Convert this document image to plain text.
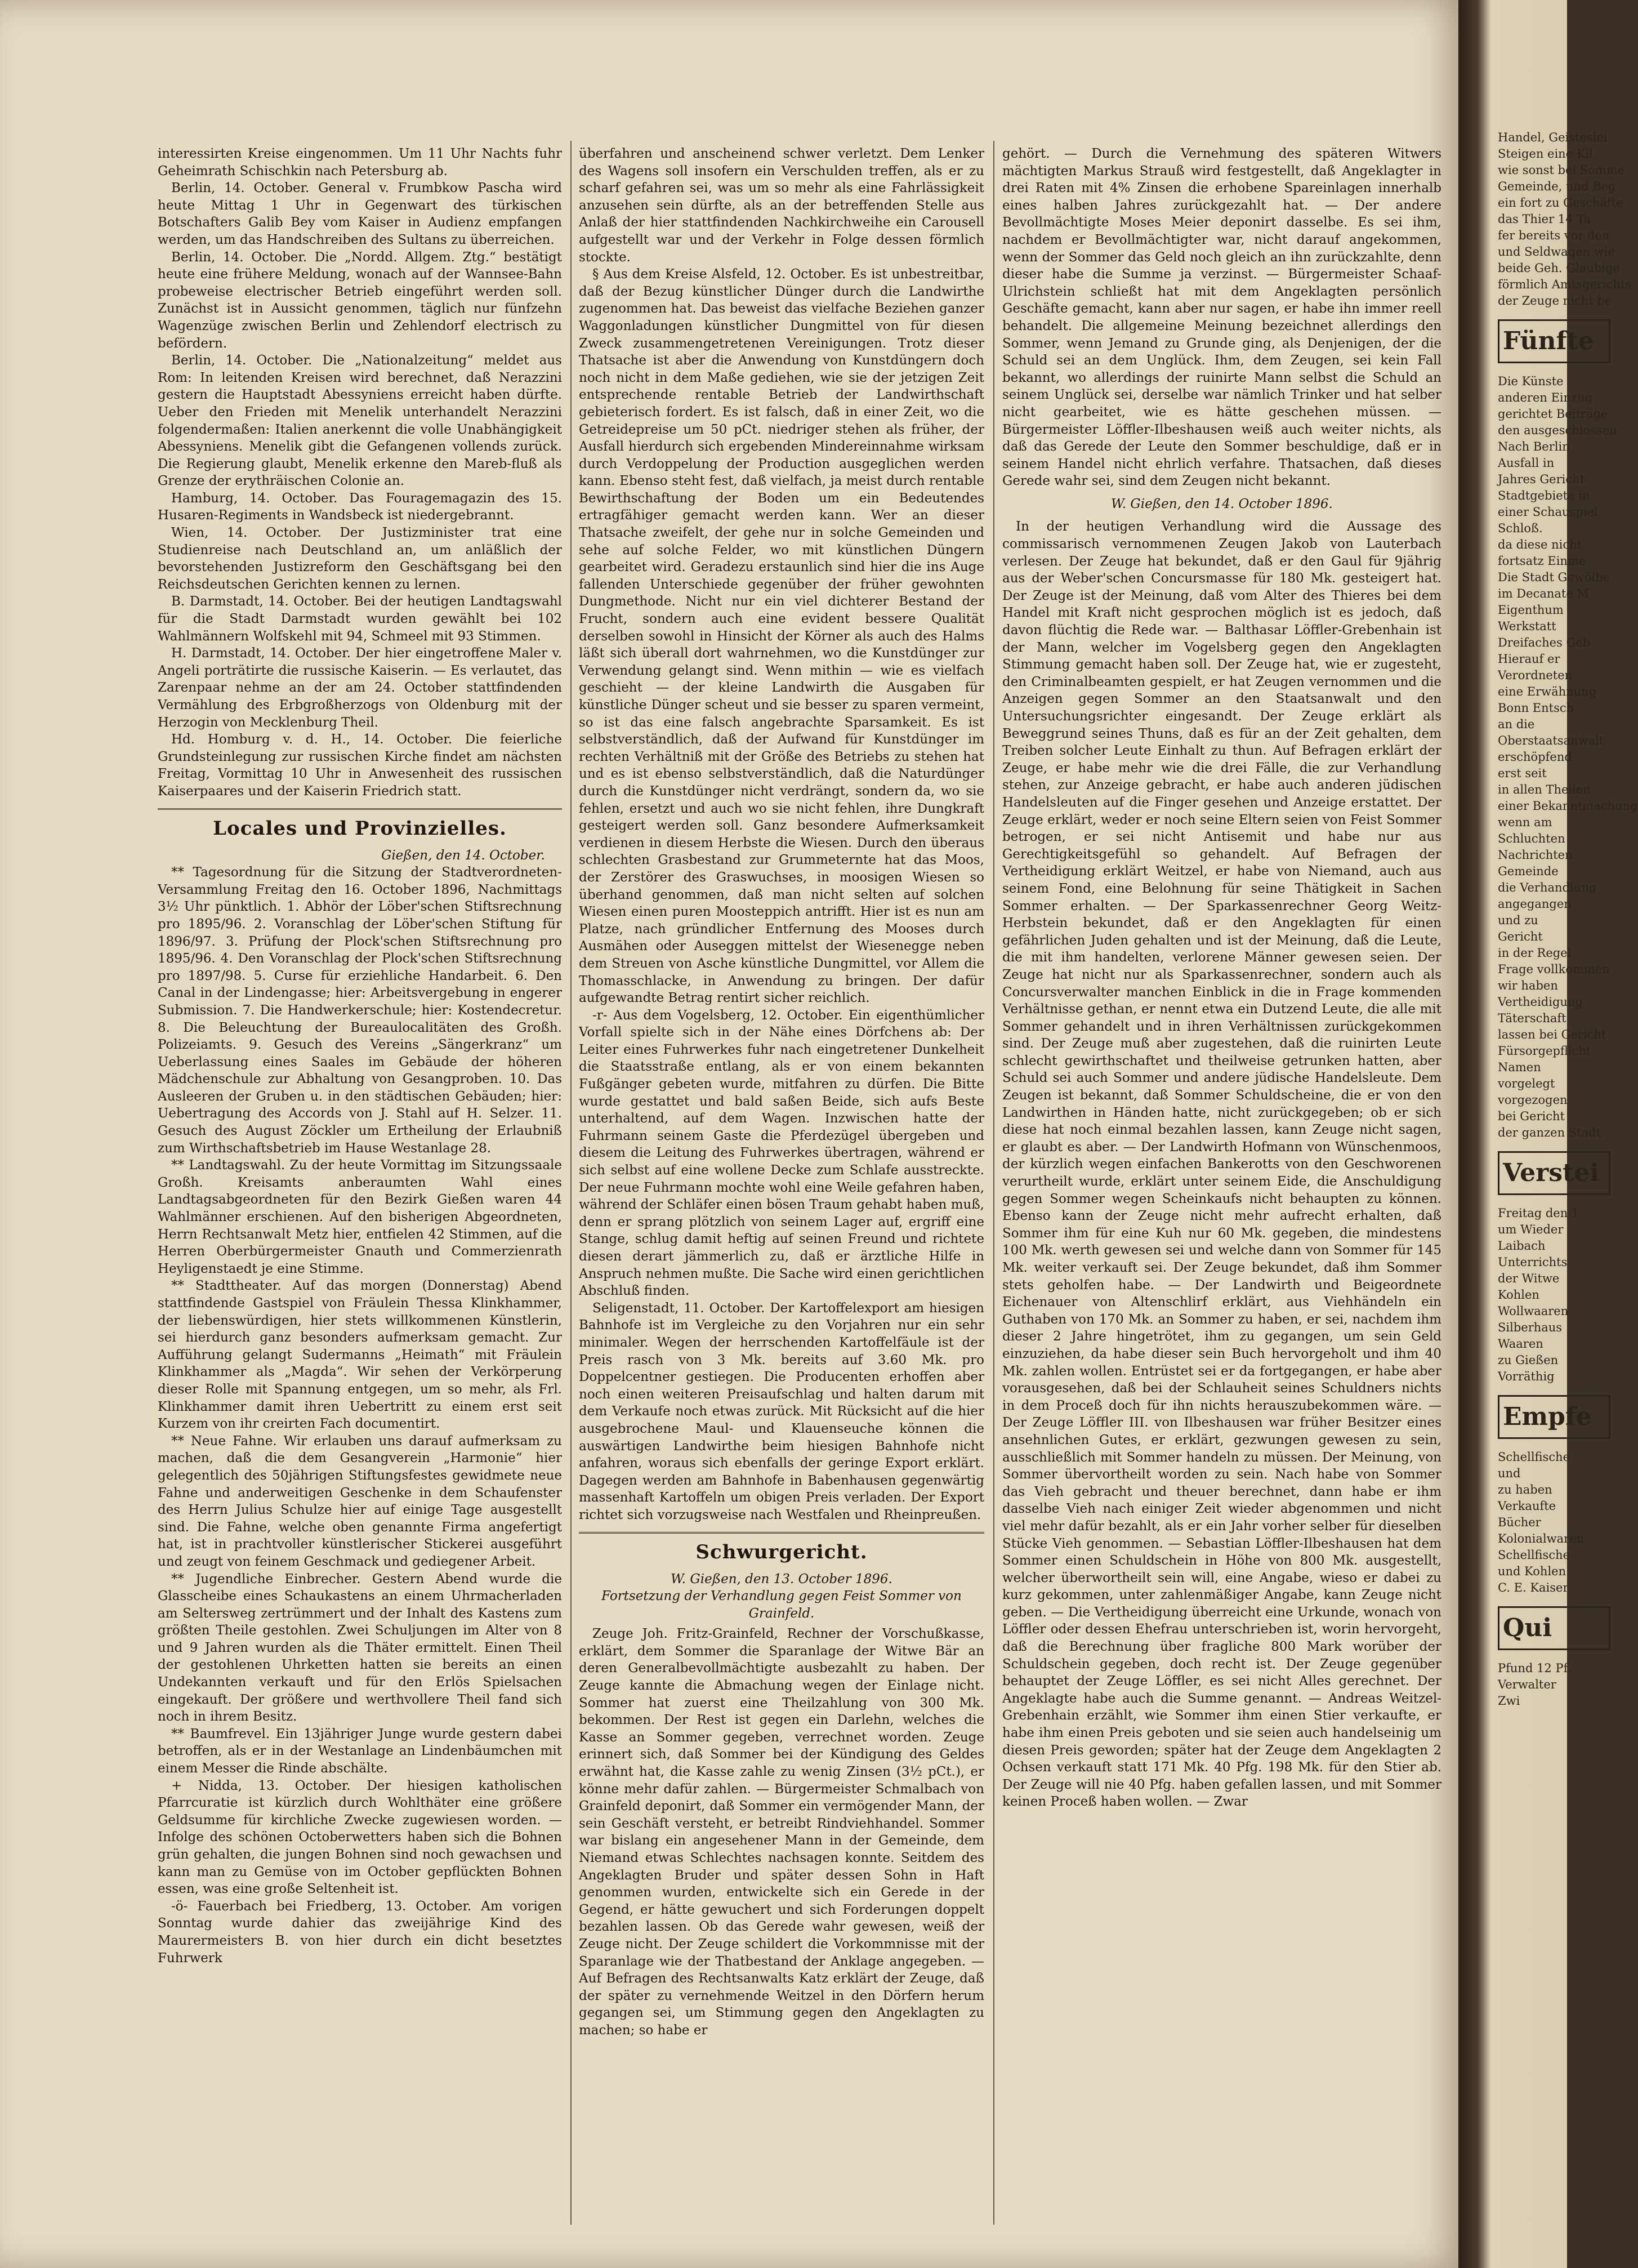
interessirten Kreise eingenommen. Um 11 Uhr Nachts fuhr Geheimrath Schischkin nach Petersburg ab.

Berlin, 14. October. General v. Frumbkow Pascha wird heute Mittag 1 Uhr in Gegenwart des türkischen Botschafters Galib Bey vom Kaiser in Audienz empfangen werden, um das Handschreiben des Sultans zu überreichen.

Berlin, 14. October. Die „Nordd. Allgem. Ztg.“ bestätigt heute eine frühere Meldung, wonach auf der Wannsee-Bahn probeweise electrischer Betrieb eingeführt werden soll. Zunächst ist in Aussicht genommen, täglich nur fünfzehn Wagenzüge zwischen Berlin und Zehlendorf electrisch zu befördern.

Berlin, 14. October. Die „Nationalzeitung“ meldet aus Rom: In leitenden Kreisen wird berechnet, daß Nerazzini gestern die Hauptstadt Abessyniens erreicht haben dürfte. Ueber den Frieden mit Menelik unterhandelt Nerazzini folgendermaßen: Italien anerkennt die volle Unabhängigkeit Abessyniens. Menelik gibt die Gefangenen vollends zurück. Die Regierung glaubt, Menelik erkenne den Mareb-fluß als Grenze der erythräischen Colonie an.

Hamburg, 14. October. Das Fouragemagazin des 15. Husaren-Regiments in Wandsbeck ist niedergebrannt.

Wien, 14. October. Der Justizminister trat eine Studienreise nach Deutschland an, um anläßlich der bevorstehenden Justizreform den Geschäftsgang bei den Reichsdeutschen Gerichten kennen zu lernen.

B. Darmstadt, 14. October. Bei der heutigen Landtagswahl für die Stadt Darmstadt wurden gewählt bei 102 Wahlmännern Wolfskehl mit 94, Schmeel mit 93 Stimmen.

H. Darmstadt, 14. October. Der hier eingetroffene Maler v. Angeli porträtirte die russische Kaiserin. — Es verlautet, das Zarenpaar nehme an der am 24. October stattfindenden Vermählung des Erbgroßherzogs von Oldenburg mit der Herzogin von Mecklenburg Theil.

Hd. Homburg v. d. H., 14. October. Die feierliche Grundsteinlegung zur russischen Kirche findet am nächsten Freitag, Vormittag 10 Uhr in Anwesenheit des russischen Kaiserpaares und der Kaiserin Friedrich statt.

Locales und Provinzielles.
Gießen, den 14. October.

** Tagesordnung für die Sitzung der Stadtverordneten-Versammlung Freitag den 16. October 1896, Nachmittags 3½ Uhr pünktlich. 1. Abhör der Löber'schen Stiftsrechnung pro 1895/96. 2. Voranschlag der Löber'schen Stiftung für 1896/97. 3. Prüfung der Plock'schen Stiftsrechnung pro 1895/96. 4. Den Voranschlag der Plock'schen Stiftsrechnung pro 1897/98. 5. Curse für erziehliche Handarbeit. 6. Den Canal in der Lindengasse; hier: Arbeitsvergebung in engerer Submission. 7. Die Handwerkerschule; hier: Kostendecretur. 8. Die Beleuchtung der Bureaulocalitäten des Großh. Polizeiamts. 9. Gesuch des Vereins „Sängerkranz“ um Ueberlassung eines Saales im Gebäude der höheren Mädchenschule zur Abhaltung von Gesangproben. 10. Das Ausleeren der Gruben u. in den städtischen Gebäuden; hier: Uebertragung des Accords von J. Stahl auf H. Selzer. 11. Gesuch des August Zöckler um Ertheilung der Erlaubniß zum Wirthschaftsbetrieb im Hause Westanlage 28.

** Landtagswahl. Zu der heute Vormittag im Sitzungssaale Großh. Kreisamts anberaumten Wahl eines Landtagsabgeordneten für den Bezirk Gießen waren 44 Wahlmänner erschienen. Auf den bisherigen Abgeordneten, Herrn Rechtsanwalt Metz hier, entfielen 42 Stimmen, auf die Herren Oberbürgermeister Gnauth und Commerzienrath Heyligenstaedt je eine Stimme.

** Stadttheater. Auf das morgen (Donnerstag) Abend stattfindende Gastspiel von Fräulein Thessa Klinkhammer, der liebenswürdigen, hier stets willkommenen Künstlerin, sei hierdurch ganz besonders aufmerksam gemacht. Zur Aufführung gelangt Sudermanns „Heimath“ mit Fräulein Klinkhammer als „Magda“. Wir sehen der Verkörperung dieser Rolle mit Spannung entgegen, um so mehr, als Frl. Klinkhammer damit ihren Uebertritt zu einem erst seit Kurzem von ihr creirten Fach documentirt.

** Neue Fahne. Wir erlauben uns darauf aufmerksam zu machen, daß die dem Gesangverein „Harmonie“ hier gelegentlich des 50jährigen Stiftungsfestes gewidmete neue Fahne und anderweitigen Geschenke in dem Schaufenster des Herrn Julius Schulze hier auf einige Tage ausgestellt sind. Die Fahne, welche oben genannte Firma angefertigt hat, ist in prachtvoller künstlerischer Stickerei ausgeführt und zeugt von feinem Geschmack und gediegener Arbeit.

** Jugendliche Einbrecher. Gestern Abend wurde die Glasscheibe eines Schaukastens an einem Uhrmacherladen am Seltersweg zertrümmert und der Inhalt des Kastens zum größten Theile gestohlen. Zwei Schuljungen im Alter von 8 und 9 Jahren wurden als die Thäter ermittelt. Einen Theil der gestohlenen Uhrketten hatten sie bereits an einen Undekannten verkauft und für den Erlös Spielsachen eingekauft. Der größere und werthvollere Theil fand sich noch in ihrem Besitz.

** Baumfrevel. Ein 13jähriger Junge wurde gestern dabei betroffen, als er in der Westanlage an Lindenbäumchen mit einem Messer die Rinde abschälte.

+ Nidda, 13. October. Der hiesigen katholischen Pfarrcuratie ist kürzlich durch Wohlthäter eine größere Geldsumme für kirchliche Zwecke zugewiesen worden. — Infolge des schönen Octoberwetters haben sich die Bohnen grün gehalten, die jungen Bohnen sind noch gewachsen und kann man zu Gemüse von im October gepflückten Bohnen essen, was eine große Seltenheit ist.

-ö- Fauerbach bei Friedberg, 13. October. Am vorigen Sonntag wurde dahier das zweijährige Kind des Maurermeisters B. von hier durch ein dicht besetztes Fuhrwerk

überfahren und anscheinend schwer verletzt. Dem Lenker des Wagens soll insofern ein Verschulden treffen, als er zu scharf gefahren sei, was um so mehr als eine Fahrlässigkeit anzusehen sein dürfte, als an der betreffenden Stelle aus Anlaß der hier stattfindenden Nachkirchweihe ein Carousell aufgestellt war und der Verkehr in Folge dessen förmlich stockte.

§ Aus dem Kreise Alsfeld, 12. October. Es ist unbestreitbar, daß der Bezug künstlicher Dünger durch die Landwirthe zugenommen hat. Das beweist das vielfache Beziehen ganzer Waggonladungen künstlicher Dungmittel von für diesen Zweck zusammengetretenen Vereinigungen. Trotz dieser Thatsache ist aber die Anwendung von Kunstdüngern doch noch nicht in dem Maße gediehen, wie sie der jetzigen Zeit entsprechende rentable Betrieb der Landwirthschaft gebieterisch fordert. Es ist falsch, daß in einer Zeit, wo die Getreidepreise um 50 pCt. niedriger stehen als früher, der Ausfall hierdurch sich ergebenden Mindereinnahme wirksam durch Verdoppelung der Production ausgeglichen werden kann. Ebenso steht fest, daß vielfach, ja meist durch rentable Bewirthschaftung der Boden um ein Bedeutendes ertragfähiger gemacht werden kann. Wer an dieser Thatsache zweifelt, der gehe nur in solche Gemeinden und sehe auf solche Felder, wo mit künstlichen Düngern gearbeitet wird. Geradezu erstaunlich sind hier die ins Auge fallenden Unterschiede gegenüber der früher gewohnten Dungmethode. Nicht nur ein viel dichterer Bestand der Frucht, sondern auch eine evident bessere Qualität derselben sowohl in Hinsicht der Körner als auch des Halms läßt sich überall dort wahrnehmen, wo die Kunstdünger zur Verwendung gelangt sind. Wenn mithin — wie es vielfach geschieht — der kleine Landwirth die Ausgaben für künstliche Dünger scheut und sie besser zu sparen vermeint, so ist das eine falsch angebrachte Sparsamkeit. Es ist selbstverständlich, daß der Aufwand für Kunstdünger im rechten Verhältniß mit der Größe des Betriebs zu stehen hat und es ist ebenso selbstverständlich, daß die Naturdünger durch die Kunstdünger nicht verdrängt, sondern da, wo sie fehlen, ersetzt und auch wo sie nicht fehlen, ihre Dungkraft gesteigert werden soll. Ganz besondere Aufmerksamkeit verdienen in diesem Herbste die Wiesen. Durch den überaus schlechten Grasbestand zur Grummeternte hat das Moos, der Zerstörer des Graswuchses, in moosigen Wiesen so überhand genommen, daß man nicht selten auf solchen Wiesen einen puren Moosteppich antrifft. Hier ist es nun am Platze, nach gründlicher Entfernung des Mooses durch Ausmähen oder Auseggen mittelst der Wiesenegge neben dem Streuen von Asche künstliche Dungmittel, vor Allem die Thomasschlacke, in Anwendung zu bringen. Der dafür aufgewandte Betrag rentirt sicher reichlich.

-r- Aus dem Vogelsberg, 12. October. Ein eigenthümlicher Vorfall spielte sich in der Nähe eines Dörfchens ab: Der Leiter eines Fuhrwerkes fuhr nach eingetretener Dunkelheit die Staatsstraße entlang, als er von einem bekannten Fußgänger gebeten wurde, mitfahren zu dürfen. Die Bitte wurde gestattet und bald saßen Beide, sich aufs Beste unterhaltend, auf dem Wagen. Inzwischen hatte der Fuhrmann seinem Gaste die Pferdezügel übergeben und diesem die Leitung des Fuhrwerkes übertragen, während er sich selbst auf eine wollene Decke zum Schlafe ausstreckte. Der neue Fuhrmann mochte wohl eine Weile gefahren haben, während der Schläfer einen bösen Traum gehabt haben muß, denn er sprang plötzlich von seinem Lager auf, ergriff eine Stange, schlug damit heftig auf seinen Freund und richtete diesen derart jämmerlich zu, daß er ärztliche Hilfe in Anspruch nehmen mußte. Die Sache wird einen gerichtlichen Abschluß finden.

Seligenstadt, 11. October. Der Kartoffelexport am hiesigen Bahnhofe ist im Vergleiche zu den Vorjahren nur ein sehr minimaler. Wegen der herrschenden Kartoffelfäule ist der Preis rasch von 3 Mk. bereits auf 3.60 Mk. pro Doppelcentner gestiegen. Die Producenten erhoffen aber noch einen weiteren Preisaufschlag und halten darum mit dem Verkaufe noch etwas zurück. Mit Rücksicht auf die hier ausgebrochene Maul- und Klauenseuche können die auswärtigen Landwirthe beim hiesigen Bahnhofe nicht anfahren, woraus sich ebenfalls der geringe Export erklärt. Dagegen werden am Bahnhofe in Babenhausen gegenwärtig massenhaft Kartoffeln um obigen Preis verladen. Der Export richtet sich vorzugsweise nach Westfalen und Rheinpreußen.

Schwurgericht.
W. Gießen, den 13. October 1896.
Fortsetzung der Verhandlung gegen Feist Sommer von Grainfeld.

Zeuge Joh. Fritz-Grainfeld, Rechner der Vorschußkasse, erklärt, dem Sommer die Sparanlage der Witwe Bär an deren Generalbevollmächtigte ausbezahlt zu haben. Der Zeuge kannte die Abmachung wegen der Einlage nicht. Sommer hat zuerst eine Theilzahlung von 300 Mk. bekommen. Der Rest ist gegen ein Darlehn, welches die Kasse an Sommer gegeben, verrechnet worden. Zeuge erinnert sich, daß Sommer bei der Kündigung des Geldes erwähnt hat, die Kasse zahle zu wenig Zinsen (3½ pCt.), er könne mehr dafür zahlen. — Bürgermeister Schmalbach von Grainfeld deponirt, daß Sommer ein vermögender Mann, der sein Geschäft versteht, er betreibt Rindviehhandel. Sommer war bislang ein angesehener Mann in der Gemeinde, dem Niemand etwas Schlechtes nachsagen konnte. Seitdem des Angeklagten Bruder und später dessen Sohn in Haft genommen wurden, entwickelte sich ein Gerede in der Gegend, er hätte gewuchert und sich Forderungen doppelt bezahlen lassen. Ob das Gerede wahr gewesen, weiß der Zeuge nicht. Der Zeuge schildert die Vorkommnisse mit der Sparanlage wie der Thatbestand der Anklage angegeben. — Auf Befragen des Rechtsanwalts Katz erklärt der Zeuge, daß der später zu vernehmende Weitzel in den Dörfern herum gegangen sei, um Stimmung gegen den Angeklagten zu machen; so habe er

gehört. — Durch die Vernehmung des späteren Witwers mächtigten Markus Strauß wird festgestellt, daß Angeklagter in drei Raten mit 4% Zinsen die erhobene Spareinlagen innerhalb eines halben Jahres zurückgezahlt hat. — Der andere Bevollmächtigte Moses Meier deponirt dasselbe. Es sei ihm, nachdem er Bevollmächtigter war, nicht darauf angekommen, wenn der Sommer das Geld noch gleich an ihn zurückzahlte, denn dieser habe die Summe ja verzinst. — Bürgermeister Schaaf-Ulrichstein schließt hat mit dem Angeklagten persönlich Geschäfte gemacht, kann aber nur sagen, er habe ihn immer reell behandelt. Die allgemeine Meinung bezeichnet allerdings den Sommer, wenn Jemand zu Grunde ging, als Denjenigen, der die Schuld sei an dem Unglück. Ihm, dem Zeugen, sei kein Fall bekannt, wo allerdings der ruinirte Mann selbst die Schuld an seinem Unglück sei, derselbe war nämlich Trinker und hat selber nicht gearbeitet, wie es hätte geschehen müssen. — Bürgermeister Löffler-Ilbeshausen weiß auch weiter nichts, als daß das Gerede der Leute den Sommer beschuldige, daß er in seinem Handel nicht ehrlich verfahre. Thatsachen, daß dieses Gerede wahr sei, sind dem Zeugen nicht bekannt.

W. Gießen, den 14. October 1896.

In der heutigen Verhandlung wird die Aussage des commissarisch vernommenen Zeugen Jakob von Lauterbach verlesen. Der Zeuge hat bekundet, daß er den Gaul für 9jährig aus der Weber'schen Concursmasse für 180 Mk. gesteigert hat. Der Zeuge ist der Meinung, daß vom Alter des Thieres bei dem Handel mit Kraft nicht gesprochen möglich ist es jedoch, daß davon flüchtig die Rede war. — Balthasar Löffler-Grebenhain ist der Mann, welcher im Vogelsberg gegen den Angeklagten Stimmung gemacht haben soll. Der Zeuge hat, wie er zugesteht, den Criminalbeamten gespielt, er hat Zeugen vernommen und die Anzeigen gegen Sommer an den Staatsanwalt und den Untersuchungsrichter eingesandt. Der Zeuge erklärt als Beweggrund seines Thuns, daß es für an der Zeit gehalten, dem Treiben solcher Leute Einhalt zu thun. Auf Befragen erklärt der Zeuge, er habe mehr wie die drei Fälle, die zur Verhandlung stehen, zur Anzeige gebracht, er habe auch anderen jüdischen Handelsleuten auf die Finger gesehen und Anzeige erstattet. Der Zeuge erklärt, weder er noch seine Eltern seien von Feist Sommer betrogen, er sei nicht Antisemit und habe nur aus Gerechtigkeitsgefühl so gehandelt. Auf Befragen der Vertheidigung erklärt Weitzel, er habe von Niemand, auch aus seinem Fond, eine Belohnung für seine Thätigkeit in Sachen Sommer erhalten. — Der Sparkassenrechner Georg Weitz-Herbstein bekundet, daß er den Angeklagten für einen gefährlichen Juden gehalten und ist der Meinung, daß die Leute, die mit ihm handelten, verlorene Männer gewesen seien. Der Zeuge hat nicht nur als Sparkassenrechner, sondern auch als Concursverwalter manchen Einblick in die in Frage kommenden Verhältnisse gethan, er nennt etwa ein Dutzend Leute, die alle mit Sommer gehandelt und in ihren Verhältnissen zurückgekommen sind. Der Zeuge muß aber zugestehen, daß die ruinirten Leute schlecht gewirthschaftet und theilweise getrunken hatten, aber Schuld sei auch Sommer und andere jüdische Handelsleute. Dem Zeugen ist bekannt, daß Sommer Schuldscheine, die er von den Landwirthen in Händen hatte, nicht zurückgegeben; ob er sich diese hat noch einmal bezahlen lassen, kann Zeuge nicht sagen, er glaubt es aber. — Der Landwirth Hofmann von Wünschenmoos, der kürzlich wegen einfachen Bankerotts von den Geschworenen verurtheilt wurde, erklärt unter seinem Eide, die Anschuldigung gegen Sommer wegen Scheinkaufs nicht behaupten zu können. Ebenso kann der Zeuge nicht mehr aufrecht erhalten, daß Sommer ihm für eine Kuh nur 60 Mk. gegeben, die mindestens 100 Mk. werth gewesen sei und welche dann von Sommer für 145 Mk. weiter verkauft sei. Der Zeuge bekundet, daß ihm Sommer stets geholfen habe. — Der Landwirth und Beigeordnete Eichenauer von Altenschlirf erklärt, aus Viehhändeln ein Guthaben von 170 Mk. an Sommer zu haben, er sei, nachdem ihm dieser 2 Jahre hingetrötet, ihm zu gegangen, um sein Geld einzuziehen, da habe dieser sein Buch hervorgeholt und ihm 40 Mk. zahlen wollen. Entrüstet sei er da fortgegangen, er habe aber vorausgesehen, daß bei der Schlauheit seines Schuldners nichts in dem Proceß doch für ihn nichts herauszubekommen wäre. — Der Zeuge Löffler III. von Ilbeshausen war früher Besitzer eines ansehnlichen Gutes, er erklärt, gezwungen gewesen zu sein, ausschließlich mit Sommer handeln zu müssen. Der Meinung, von Sommer übervortheilt worden zu sein. Nach habe von Sommer das Vieh gebracht und theuer berechnet, dann habe er ihm dasselbe Vieh nach einiger Zeit wieder abgenommen und nicht viel mehr dafür bezahlt, als er ein Jahr vorher selber für dieselben Stücke Vieh genommen. — Sebastian Löffler-Ilbeshausen hat dem Sommer einen Schuldschein in Höhe von 800 Mk. ausgestellt, welcher überwortheilt sein will, eine Angabe, wieso er dabei zu kurz gekommen, unter zahlenmäßiger Angabe, kann Zeuge nicht geben. — Die Vertheidigung überreicht eine Urkunde, wonach von Löffler oder dessen Ehefrau unterschrieben ist, worin hervorgeht, daß die Berechnung über fragliche 800 Mark worüber der Schuldschein gegeben, doch recht ist. Der Zeuge gegenüber behauptet der Zeuge Löffler, es sei nicht Alles gerechnet. Der Angeklagte habe auch die Summe genannt. — Andreas Weitzel-Grebenhain erzählt, wie Sommer ihm einen Stier verkaufte, er habe ihm einen Preis geboten und sie seien auch handelseinig um diesen Preis geworden; später hat der Zeuge dem Angeklagten 2 Ochsen verkauft statt 171 Mk. 40 Pfg. 198 Mk. für den Stier ab. Der Zeuge will nie 40 Pfg. haben gefallen lassen, und mit Sommer keinen Proceß haben wollen. — Zwar

Handel, Geisteslei
Steigen eine Kil
wie sonst bei Somme
Gemeinde, und Beg
ein fort zu Geschäfte
das Thier 14 Ta
fer bereits vor den
und Seldwagen wie
beide Geh. Glaubige
förmlich Amtsgerichts
der Zeuge nicht be
Fünfte
Die Künste
anderen Einzug
gerichtet Beiträge
den ausgeschlossen
Nach Berlin
Ausfall in
Jahres Gericht
Stadtgebiete in
einer Schauspiel
Schloß.
da diese nicht
fortsatz Einme
Die Stadt Gewölbe
im Decanate M
Eigenthum
Werkstatt
Dreifaches Geb
Hierauf er
Verordneten
eine Erwähnung
Bonn Entsch
an die
Oberstaatsanwalt
erschöpfend
erst seit
in allen Theilen
einer Bekanntmachung
wenn am
Schluchten
Nachrichten
Gemeinde
die Verhandlung
angegangen
und zu
Gericht
in der Regel
Frage vollkommen
wir haben
Vertheidigung
Täterschaft
lassen bei Gericht
Fürsorgepflicht
Namen
vorgelegt
vorgezogen
bei Gericht
der ganzen Stadt
Verstei
Freitag den 1
um Wieder
Laibach
Unterrichts
der Witwe
Kohlen
Wollwaaren
Silberhaus
Waaren
zu Gießen
Vorräthig
Empfe
Schellfische
und
zu haben
Verkaufte
Bücher
Kolonialwaren
Schellfische
und Kohlen
C. E. Kaiser
Qui
Pfund 12 Pf.
Verwalter
Zwi
